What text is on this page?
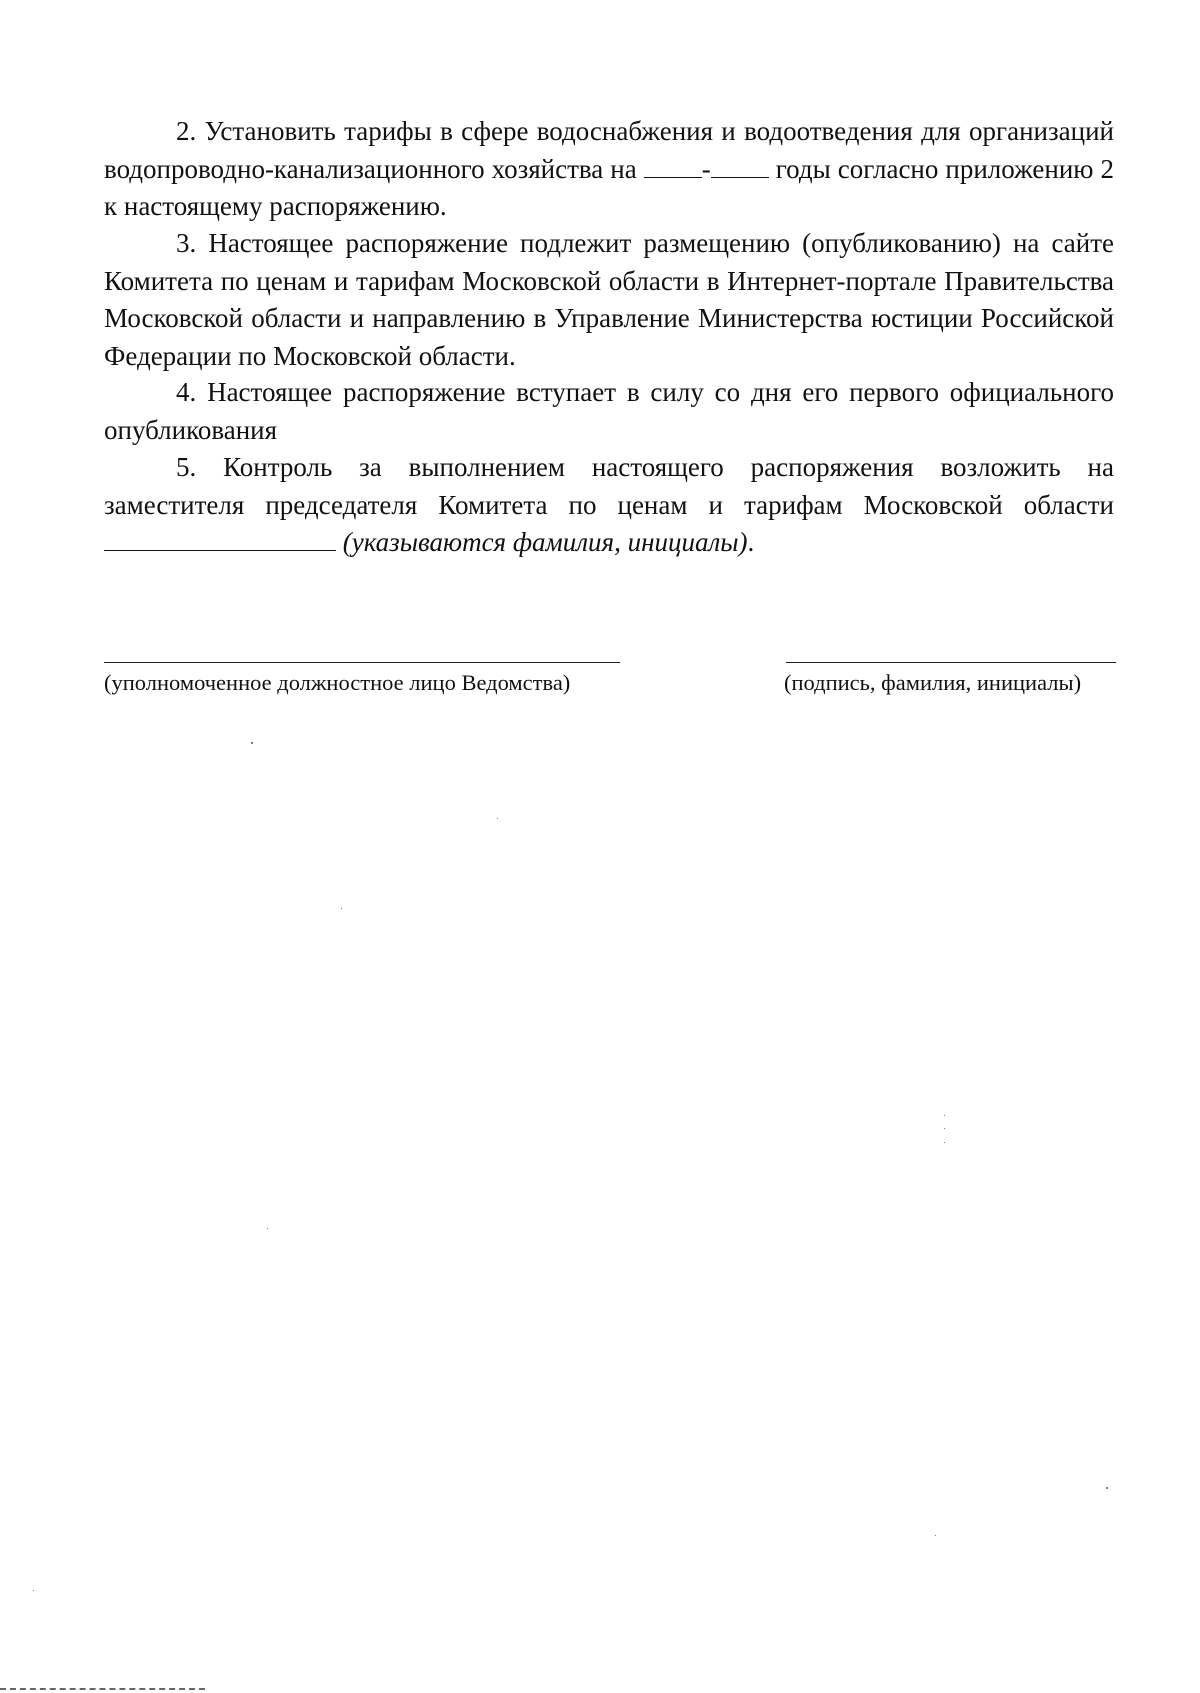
2. Установить тарифы в сфере водоснабжения и водоотведения для организаций водопроводно-канализационного хозяйства на - годы согласно приложению 2 к настоящему распоряжению.

3. Настоящее распоряжение подлежит размещению (опубликованию) на сайте Комитета по ценам и тарифам Московской области в Интернет-портале Правительства Московской области и направлению в Управление Министерства юстиции Российской Федерации по Московской области.

4. Настоящее распоряжение вступает в силу со дня его первого официального опубликования

5. Контроль за выполнением настоящего распоряжения возложить на заместителя председателя Комитета по ценам и тарифам Московской области  (указываются фамилия, инициалы).

(уполномоченное должностное лицо Ведомства)	(подпись, фамилия, инициалы)
